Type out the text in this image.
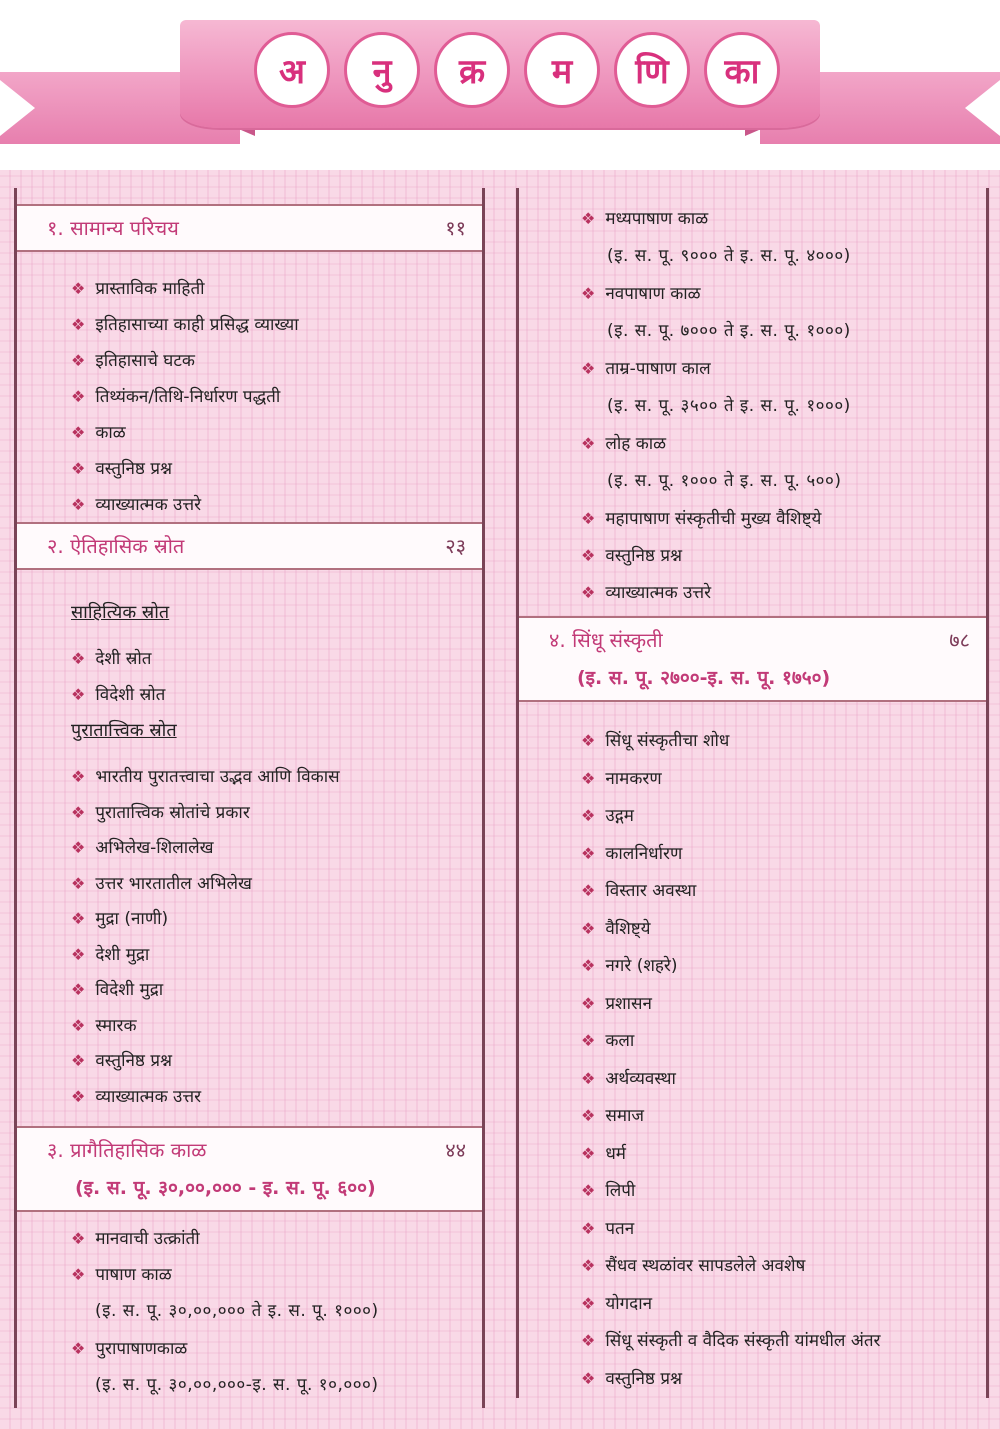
अ	नु	क्र	म	णि	का
१. सामान्य परिचय	११
❖ प्रास्ताविक माहिती
❖ इतिहासाच्या काही प्रसिद्ध व्याख्या
❖ इतिहासाचे घटक
❖ तिथ्यंकन/तिथि-निर्धारण पद्धती
❖ काळ
❖ वस्तुनिष्ठ प्रश्न
❖ व्याख्यात्मक उत्तरे
२. ऐतिहासिक स्रोत	२३
साहित्यिक स्रोत
❖ देशी स्रोत
❖ विदेशी स्रोत
पुरातात्त्विक स्रोत
❖ भारतीय पुरातत्त्वाचा उद्भव आणि विकास
❖ पुरातात्त्विक स्रोतांचे प्रकार
❖ अभिलेख-शिलालेख
❖ उत्तर भारतातील अभिलेख
❖ मुद्रा (नाणी)
❖ देशी मुद्रा
❖ विदेशी मुद्रा
❖ स्मारक
❖ वस्तुनिष्ठ प्रश्न
❖ व्याख्यात्मक उत्तर
३. प्रागैतिहासिक काळ	४४
(इ. स. पू. ३०,००,००० - इ. स. पू. ६००)
❖ मानवाची उत्क्रांती
❖ पाषाण काळ
(इ. स. पू. ३०,००,००० ते इ. स. पू. १०००)
❖ पुरापाषाणकाळ
(इ. स. पू. ३०,००,०००-इ. स. पू. १०,०००)
❖ मध्यपाषाण काळ
(इ. स. पू. ९००० ते इ. स. पू. ४०००)
❖ नवपाषाण काळ
(इ. स. पू. ७००० ते इ. स. पू. १०००)
❖ ताम्र-पाषाण काल
(इ. स. पू. ३५०० ते इ. स. पू. १०००)
❖ लोह काळ
(इ. स. पू. १००० ते इ. स. पू. ५००)
❖ महापाषाण संस्कृतीची मुख्य वैशिष्ट्ये
❖ वस्तुनिष्ठ प्रश्न
❖ व्याख्यात्मक उत्तरे
४. सिंधू संस्कृती	७८
(इ. स. पू. २७००-इ. स. पू. १७५०)
❖ सिंधू संस्कृतीचा शोध
❖ नामकरण
❖ उद्गम
❖ कालनिर्धारण
❖ विस्तार अवस्था
❖ वैशिष्ट्ये
❖ नगरे (शहरे)
❖ प्रशासन
❖ कला
❖ अर्थव्यवस्था
❖ समाज
❖ धर्म
❖ लिपी
❖ पतन
❖ सैंधव स्थळांवर सापडलेले अवशेष
❖ योगदान
❖ सिंधू संस्कृती व वैदिक संस्कृती यांमधील अंतर
❖ वस्तुनिष्ठ प्रश्न
